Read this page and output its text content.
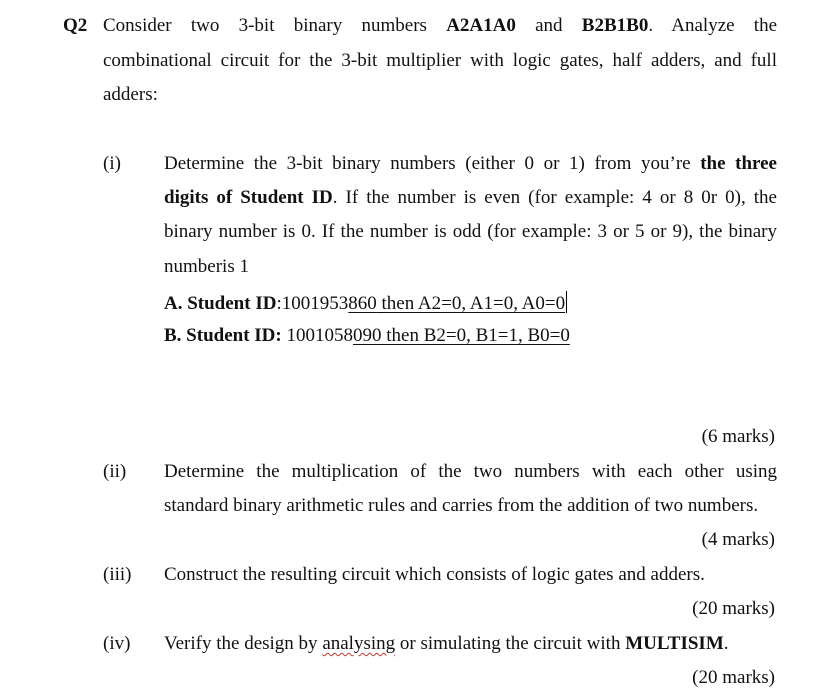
Q2 Consider two 3-bit binary numbers A2A1A0 and B2B1B0. Analyze the
combinational circuit for the 3-bit multiplier with logic gates, half adders, and full
adders:
(i) Determine the 3-bit binary numbers (either 0 or 1) from you’re the three
digits of Student ID. If the number is even (for example: 4 or 8 0r 0), the
binary number is 0. If the number is odd (for example: 3 or 5 or 9), the binary
numberis 1
A. Student ID:1001953860 then A2=0, A1=0, A0=0
B. Student ID: 1001058090 then B2=0, B1=1, B0=0
(6 marks)
(ii) Determine the multiplication of the two numbers with each other using
standard binary arithmetic rules and carries from the addition of two numbers.
(4 marks)
(iii) Construct the resulting circuit which consists of logic gates and adders.
(20 marks)
(iv) Verify the design by analysing or simulating the circuit with MULTISIM.
(20 marks)
